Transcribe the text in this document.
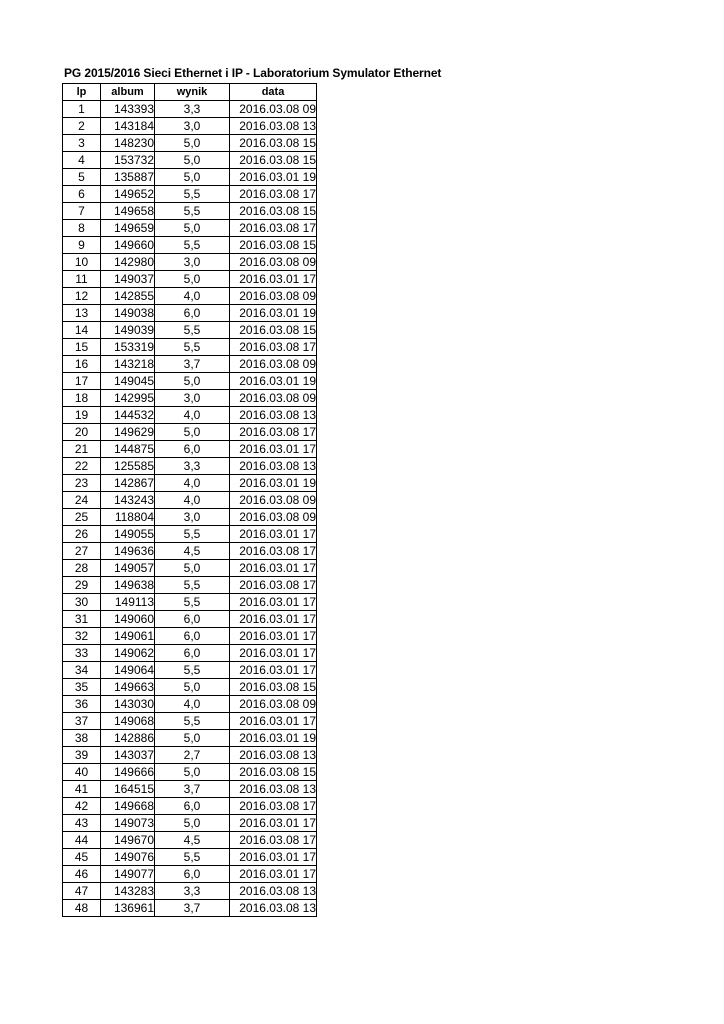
PG 2015/2016 Sieci Ethernet i IP - Laboratorium Symulator Ethernet
lp	album	wynik	data
1	143393	3,3	2016.03.08 09
2	143184	3,0	2016.03.08 13
3	148230	5,0	2016.03.08 15
4	153732	5,0	2016.03.08 15
5	135887	5,0	2016.03.01 19
6	149652	5,5	2016.03.08 17
7	149658	5,5	2016.03.08 15
8	149659	5,0	2016.03.08 17
9	149660	5,5	2016.03.08 15
10	142980	3,0	2016.03.08 09
11	149037	5,0	2016.03.01 17
12	142855	4,0	2016.03.08 09
13	149038	6,0	2016.03.01 19
14	149039	5,5	2016.03.08 15
15	153319	5,5	2016.03.08 17
16	143218	3,7	2016.03.08 09
17	149045	5,0	2016.03.01 19
18	142995	3,0	2016.03.08 09
19	144532	4,0	2016.03.08 13
20	149629	5,0	2016.03.08 17
21	144875	6,0	2016.03.01 17
22	125585	3,3	2016.03.08 13
23	142867	4,0	2016.03.01 19
24	143243	4,0	2016.03.08 09
25	118804	3,0	2016.03.08 09
26	149055	5,5	2016.03.01 17
27	149636	4,5	2016.03.08 17
28	149057	5,0	2016.03.01 17
29	149638	5,5	2016.03.08 17
30	149113	5,5	2016.03.01 17
31	149060	6,0	2016.03.01 17
32	149061	6,0	2016.03.01 17
33	149062	6,0	2016.03.01 17
34	149064	5,5	2016.03.01 17
35	149663	5,0	2016.03.08 15
36	143030	4,0	2016.03.08 09
37	149068	5,5	2016.03.01 17
38	142886	5,0	2016.03.01 19
39	143037	2,7	2016.03.08 13
40	149666	5,0	2016.03.08 15
41	164515	3,7	2016.03.08 13
42	149668	6,0	2016.03.08 17
43	149073	5,0	2016.03.01 17
44	149670	4,5	2016.03.08 17
45	149076	5,5	2016.03.01 17
46	149077	6,0	2016.03.01 17
47	143283	3,3	2016.03.08 13
48	136961	3,7	2016.03.08 13
